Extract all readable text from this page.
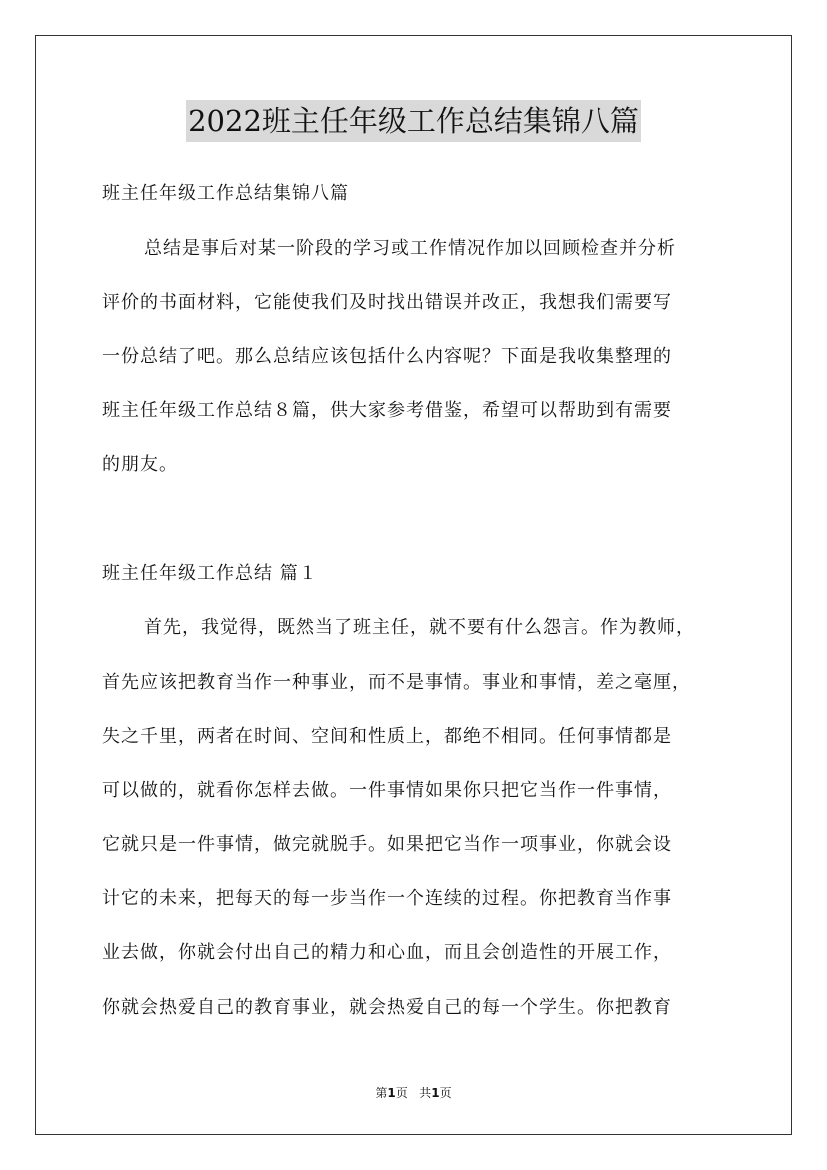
2022班主任年级工作总结集锦八篇
班主任年级工作总结集锦八篇
总结是事后对某一阶段的学习或工作情况作加以回顾检查并分析
评价的书面材料，它能使我们及时找出错误并改正，我想我们需要写
一份总结了吧。那么总结应该包括什么内容呢？下面是我收集整理的
班主任年级工作总结８篇，供大家参考借鉴，希望可以帮助到有需要
的朋友。
班主任年级工作总结 篇１
首先，我觉得，既然当了班主任，就不要有什么怨言。作为教师，
首先应该把教育当作一种事业，而不是事情。事业和事情，差之毫厘，
失之千里，两者在时间、空间和性质上，都绝不相同。任何事情都是
可以做的，就看你怎样去做。一件事情如果你只把它当作一件事情，
它就只是一件事情，做完就脱手。如果把它当作一项事业，你就会设
计它的未来，把每天的每一步当作一个连续的过程。你把教育当作事
业去做，你就会付出自己的精力和心血，而且会创造性的开展工作，
你就会热爱自己的教育事业，就会热爱自己的每一个学生。你把教育
第1页 共1页
